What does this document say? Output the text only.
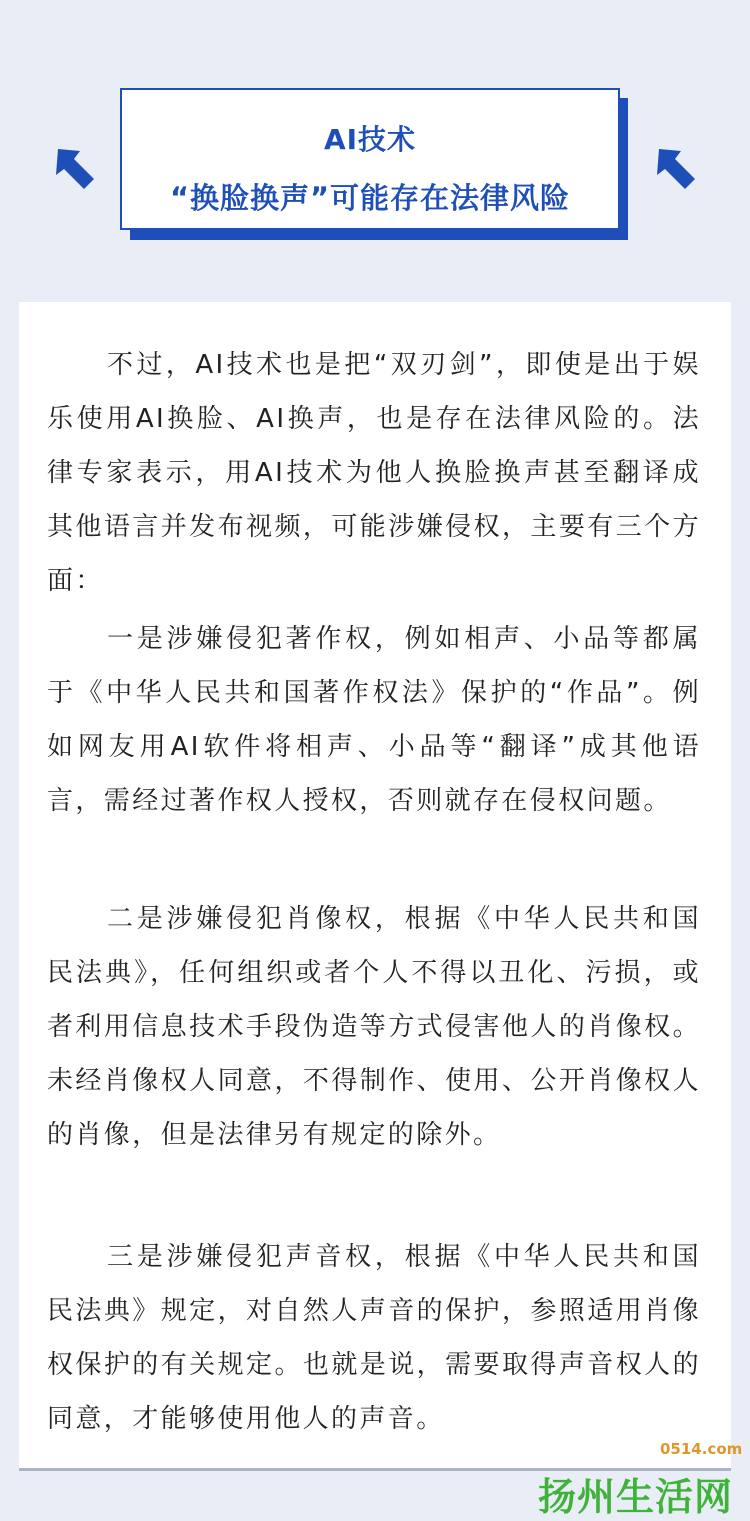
AI技术
“换脸换声”可能存在法律风险

不过，AI技术也是把“双刃剑”，即使是出于娱乐使用AI换脸、AI换声，也是存在法律风险的。法律专家表示，用AI技术为他人换脸换声甚至翻译成其他语言并发布视频，可能涉嫌侵权，主要有三个方面：

一是涉嫌侵犯著作权，例如相声、小品等都属于《中华人民共和国著作权法》保护的“作品”。例如网友用AI软件将相声、小品等“翻译”成其他语言，需经过著作权人授权，否则就存在侵权问题。

二是涉嫌侵犯肖像权，根据《中华人民共和国民法典》，任何组织或者个人不得以丑化、污损，或者利用信息技术手段伪造等方式侵害他人的肖像权。未经肖像权人同意，不得制作、使用、公开肖像权人的肖像，但是法律另有规定的除外。

三是涉嫌侵犯声音权，根据《中华人民共和国民法典》规定，对自然人声音的保护，参照适用肖像权保护的有关规定。也就是说，需要取得声音权人的同意，才能够使用他人的声音。

0514.com
扬州生活网
